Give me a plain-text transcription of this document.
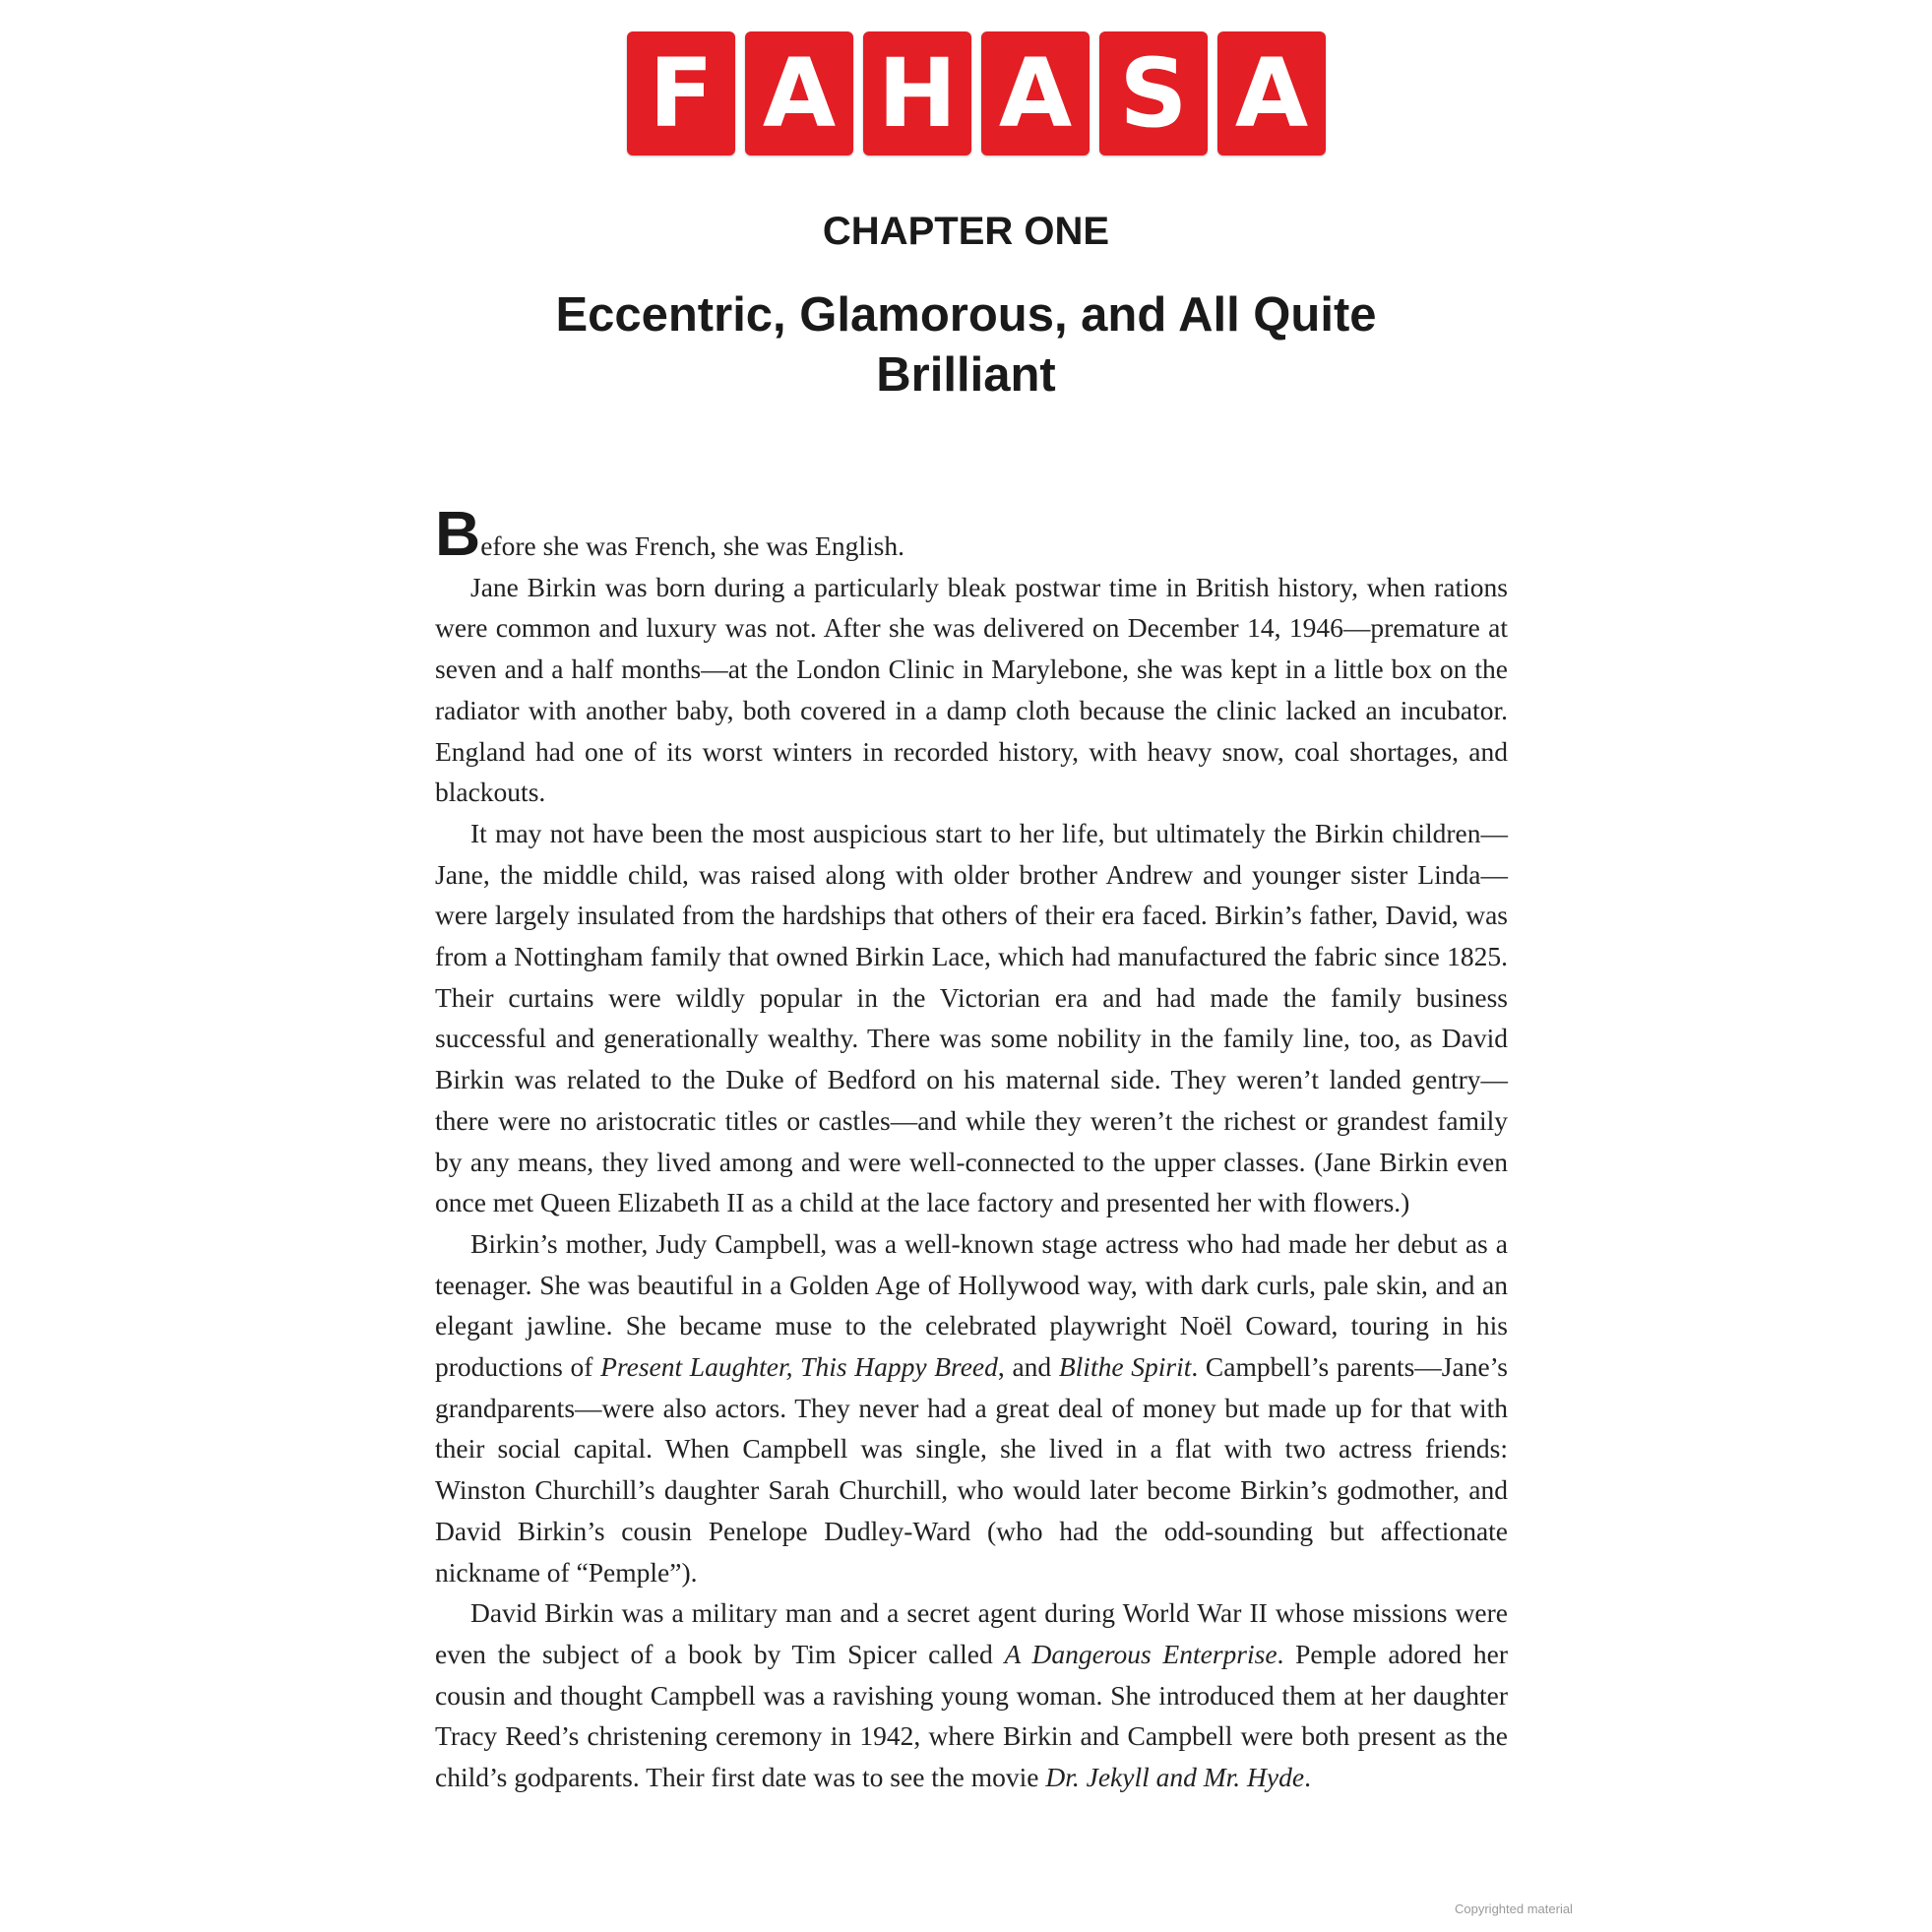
F A H A S A
CHAPTER ONE
Eccentric, Glamorous, and All Quite
Brilliant

Before she was French, she was English.

Jane Birkin was born during a particularly bleak postwar time in British history, when rations were common and luxury was not. After she was delivered on December 14, 1946—premature at seven and a half months—at the London Clinic in Marylebone, she was kept in a little box on the radiator with another baby, both covered in a damp cloth because the clinic lacked an incubator. England had one of its worst winters in recorded history, with heavy snow, coal shortages, and blackouts.

It may not have been the most auspicious start to her life, but ultimately the Birkin children—Jane, the middle child, was raised along with older brother Andrew and younger sister Linda—were largely insulated from the hardships that others of their era faced. Birkin’s father, David, was from a Nottingham family that owned Birkin Lace, which had manufactured the fabric since 1825. Their curtains were wildly popular in the Victorian era and had made the family business successful and generationally wealthy. There was some nobility in the family line, too, as David Birkin was related to the Duke of Bedford on his maternal side. They weren’t landed gentry—there were no aristocratic titles or castles—and while they weren’t the richest or grandest family by any means, they lived among and were well-connected to the upper classes. (Jane Birkin even once met Queen Elizabeth II as a child at the lace factory and presented her with flowers.)

Birkin’s mother, Judy Campbell, was a well-known stage actress who had made her debut as a teenager. She was beautiful in a Golden Age of Hollywood way, with dark curls, pale skin, and an elegant jawline. She became muse to the celebrated playwright Noël Coward, touring in his productions of Present Laughter, This Happy Breed, and Blithe Spirit. Campbell’s parents—Jane’s grandparents—were also actors. They never had a great deal of money but made up for that with their social capital. When Campbell was single, she lived in a flat with two actress friends: Winston Churchill’s daughter Sarah Churchill, who would later become Birkin’s godmother, and David Birkin’s cousin Penelope Dudley-Ward (who had the odd-sounding but affectionate nickname of “Pemple”).

David Birkin was a military man and a secret agent during World War II whose missions were even the subject of a book by Tim Spicer called A Dangerous Enterprise. Pemple adored her cousin and thought Campbell was a ravishing young woman. She introduced them at her daughter Tracy Reed’s christening ceremony in 1942, where Birkin and Campbell were both present as the child’s godparents. Their first date was to see the movie Dr. Jekyll and Mr. Hyde.

Copyrighted material
